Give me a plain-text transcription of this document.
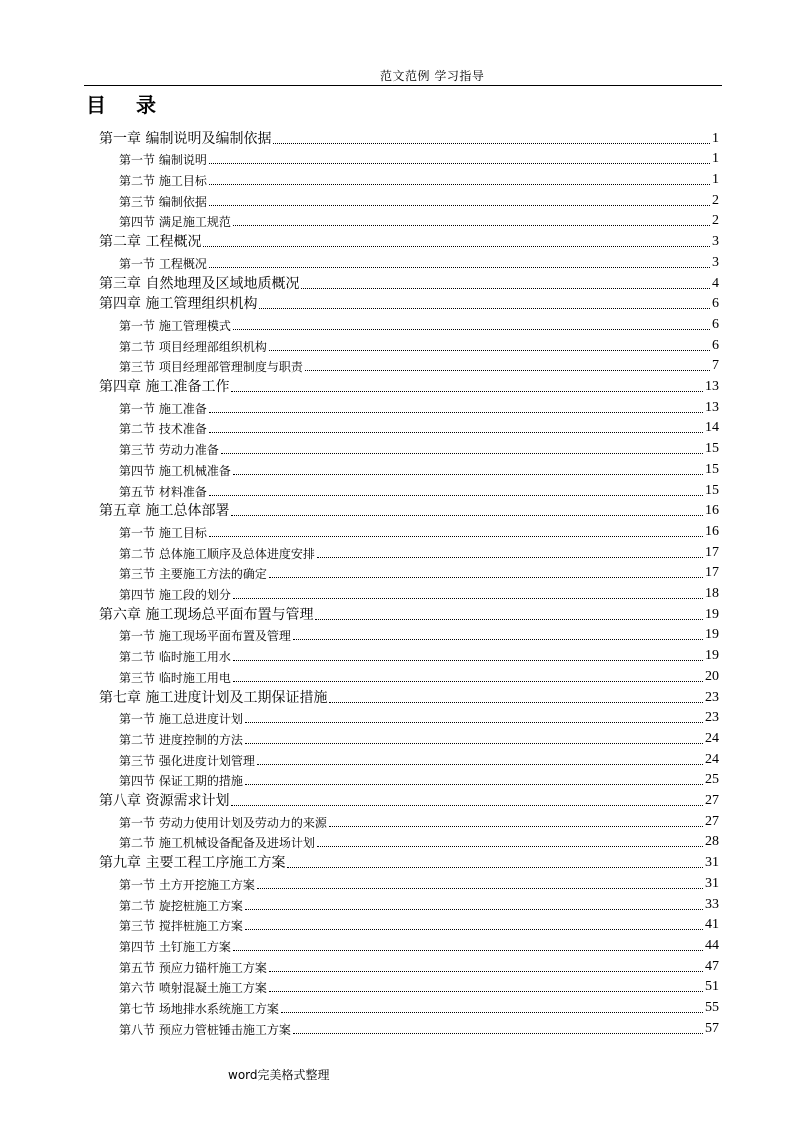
范文范例 学习指导
目录
第一章 编制说明及编制依据	1
第一节 编制说明	1
第二节 施工目标	1
第三节 编制依据	2
第四节 满足施工规范	2
第二章 工程概况	3
第一节 工程概况	3
第三章 自然地理及区域地质概况	4
第四章 施工管理组织机构	6
第一节 施工管理模式	6
第二节 项目经理部组织机构	6
第三节 项目经理部管理制度与职责	7
第四章 施工准备工作	13
第一节 施工准备	13
第二节 技术准备	14
第三节 劳动力准备	15
第四节 施工机械准备	15
第五节 材料准备	15
第五章 施工总体部署	16
第一节 施工目标	16
第二节 总体施工顺序及总体进度安排	17
第三节 主要施工方法的确定	17
第四节 施工段的划分	18
第六章 施工现场总平面布置与管理	19
第一节 施工现场平面布置及管理	19
第二节 临时施工用水	19
第三节 临时施工用电	20
第七章 施工进度计划及工期保证措施	23
第一节 施工总进度计划	23
第二节 进度控制的方法	24
第三节 强化进度计划管理	24
第四节 保证工期的措施	25
第八章 资源需求计划	27
第一节 劳动力使用计划及劳动力的来源	27
第二节 施工机械设备配备及进场计划	28
第九章 主要工程工序施工方案	31
第一节 土方开挖施工方案	31
第二节 旋挖桩施工方案	33
第三节 搅拌桩施工方案	41
第四节 土钉施工方案	44
第五节 预应力锚杆施工方案	47
第六节 喷射混凝土施工方案	51
第七节 场地排水系统施工方案	55
第八节 预应力管桩锤击施工方案	57
word完美格式整理
